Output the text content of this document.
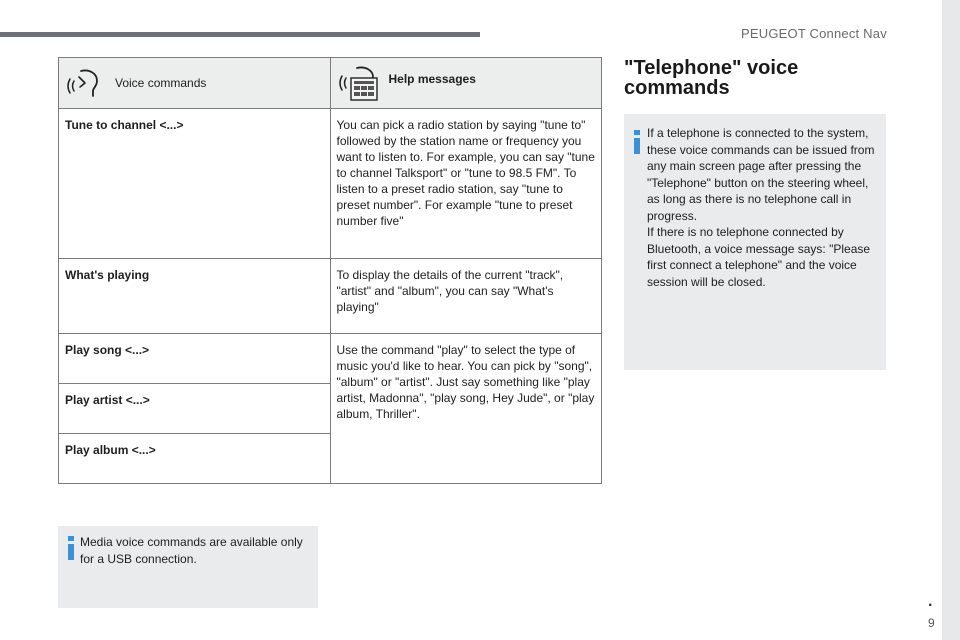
PEUGEOT Connect Nav
Voice commands	Help messages

Tune to channel <...>	You can pick a radio station by saying "tune to" followed by the station name or frequency you want to listen to. For example, you can say "tune to channel Talksport" or "tune to 98.5 FM". To listen to a preset radio station, say "tune to preset number". For example "tune to preset number five"
What's playing	To display the details of the current "track", "artist" and "album", you can say "What's playing"
Play song <...>	Use the command "play" to select the type of music you'd like to hear. You can pick by "song", "album" or "artist". Just say something like "play artist, Madonna", "play song, Hey Jude", or "play album, Thriller".
Play artist <...>	
Play album <...>	
Media voice commands are available only for a USB connection.
"Telephone" voice commands
If a telephone is connected to the system, these voice commands can be issued from any main screen page after pressing the "Telephone" button on the steering wheel, as long as there is no telephone call in progress.
If there is no telephone connected by Bluetooth, a voice message says: "Please first connect a telephone" and the voice session will be closed.
.
9
